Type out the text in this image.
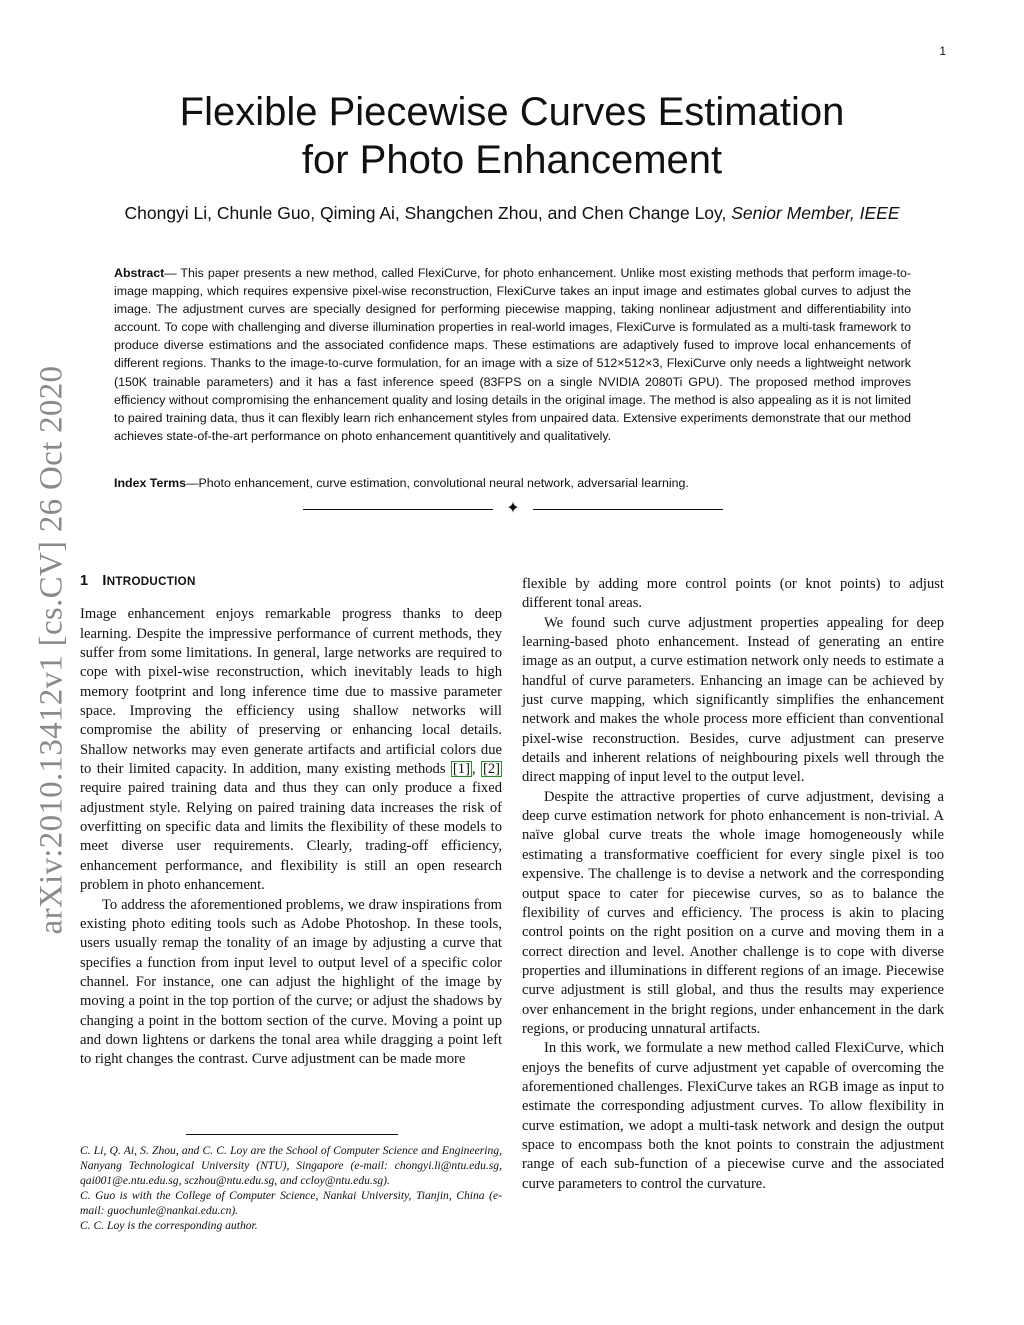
1
arXiv:2010.13412v1 [cs.CV] 26 Oct 2020
Flexible Piecewise Curves Estimation
for Photo Enhancement
Chongyi Li, Chunle Guo, Qiming Ai, Shangchen Zhou, and Chen Change Loy, Senior Member, IEEE
Abstract— This paper presents a new method, called FlexiCurve, for photo enhancement. Unlike most existing methods that perform image-to-image mapping, which requires expensive pixel-wise reconstruction, FlexiCurve takes an input image and estimates global curves to adjust the image. The adjustment curves are specially designed for performing piecewise mapping, taking nonlinear adjustment and differentiability into account. To cope with challenging and diverse illumination properties in real-world images, FlexiCurve is formulated as a multi-task framework to produce diverse estimations and the associated confidence maps. These estimations are adaptively fused to improve local enhancements of different regions. Thanks to the image-to-curve formulation, for an image with a size of 512×512×3, FlexiCurve only needs a lightweight network (150K trainable parameters) and it has a fast inference speed (83FPS on a single NVIDIA 2080Ti GPU). The proposed method improves efficiency without compromising the enhancement quality and losing details in the original image. The method is also appealing as it is not limited to paired training data, thus it can flexibly learn rich enhancement styles from unpaired data. Extensive experiments demonstrate that our method achieves state-of-the-art performance on photo enhancement quantitively and qualitatively.
Index Terms—Photo enhancement, curve estimation, convolutional neural network, adversarial learning.
✦
1 INTRODUCTION

Image enhancement enjoys remarkable progress thanks to deep learning. Despite the impressive performance of current methods, they suffer from some limitations. In general, large networks are required to cope with pixel-wise reconstruction, which inevitably leads to high memory footprint and long inference time due to massive parameter space. Improving the efficiency using shallow networks will compromise the ability of preserving or enhancing local details. Shallow networks may even generate artifacts and artificial colors due to their limited capacity. In addition, many existing methods [1] , [2] require paired training data and thus they can only produce a fixed adjustment style. Relying on paired training data increases the risk of overfitting on specific data and limits the flexibility of these models to meet diverse user requirements. Clearly, trading-off efficiency, enhancement performance, and flexibility is still an open research problem in photo enhancement.

To address the aforementioned problems, we draw inspirations from existing photo editing tools such as Adobe Photoshop. In these tools, users usually remap the tonality of an image by adjusting a curve that specifies a function from input level to output level of a specific color channel. For instance, one can adjust the highlight of the image by moving a point in the top portion of the curve; or adjust the shadows by changing a point in the bottom section of the curve. Moving a point up and down lightens or darkens the tonal area while dragging a point left to right changes the contrast. Curve adjustment can be made more

C. Li, Q. Ai, S. Zhou, and C. C. Loy are the School of Computer Science and Engineering, Nanyang Technological University (NTU), Singapore (e-mail: chongyi.li@ntu.edu.sg, qai001@e.ntu.edu.sg, sczhou@ntu.edu.sg, and ccloy@ntu.edu.sg).

C. Guo is with the College of Computer Science, Nankai University, Tianjin, China (e-mail: guochunle@nankai.edu.cn).

C. C. Loy is the corresponding author.

flexible by adding more control points (or knot points) to adjust different tonal areas.

We found such curve adjustment properties appealing for deep learning-based photo enhancement. Instead of generating an entire image as an output, a curve estimation network only needs to estimate a handful of curve parameters. Enhancing an image can be achieved by just curve mapping, which significantly simplifies the enhancement network and makes the whole process more efficient than conventional pixel-wise reconstruction. Besides, curve adjustment can preserve details and inherent relations of neighbouring pixels well through the direct mapping of input level to the output level.

Despite the attractive properties of curve adjustment, devising a deep curve estimation network for photo enhancement is non-trivial. A naïve global curve treats the whole image homogeneously while estimating a transformative coefficient for every single pixel is too expensive. The challenge is to devise a network and the corresponding output space to cater for piecewise curves, so as to balance the flexibility of curves and efficiency. The process is akin to placing control points on the right position on a curve and moving them in a correct direction and level. Another challenge is to cope with diverse properties and illuminations in different regions of an image. Piecewise curve adjustment is still global, and thus the results may experience over enhancement in the bright regions, under enhancement in the dark regions, or producing unnatural artifacts.

In this work, we formulate a new method called FlexiCurve, which enjoys the benefits of curve adjustment yet capable of overcoming the aforementioned challenges. FlexiCurve takes an RGB image as input to estimate the corresponding adjustment curves. To allow flexibility in curve estimation, we adopt a multi-task network and design the output space to encompass both the knot points to constrain the adjustment range of each sub-function of a piecewise curve and the associated curve parameters to control the curvature.
